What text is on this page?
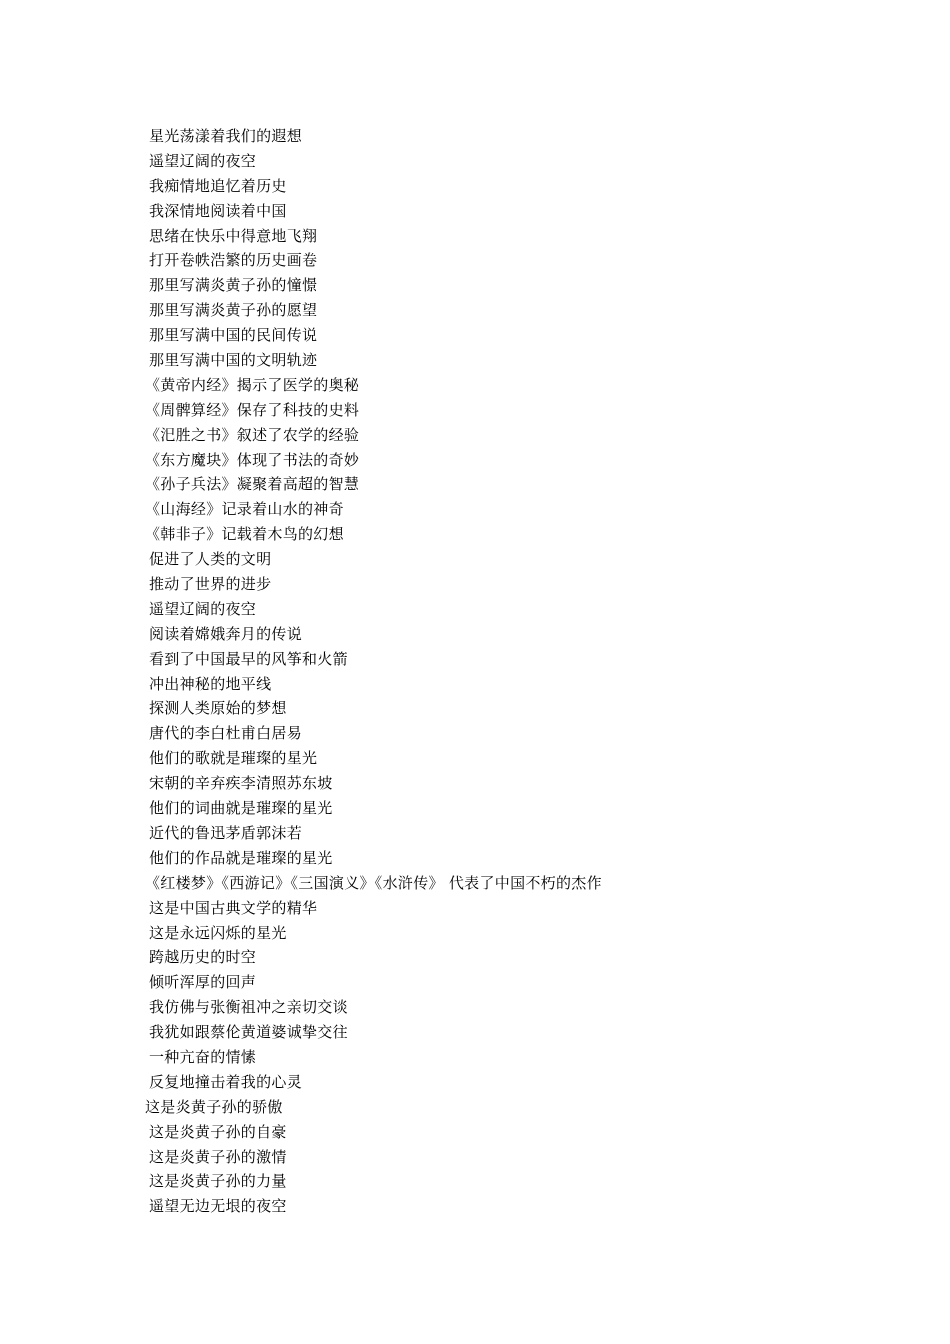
星光荡漾着我们的遐想
遥望辽阔的夜空
我痴情地追忆着历史
我深情地阅读着中国
思绪在快乐中得意地飞翔
打开卷帙浩繁的历史画卷
那里写满炎黄子孙的憧憬
那里写满炎黄子孙的愿望
那里写满中国的民间传说
那里写满中国的文明轨迹
《黄帝内经》揭示了医学的奥秘
《周髀算经》保存了科技的史料
《汜胜之书》叙述了农学的经验
《东方魔块》体现了书法的奇妙
《孙子兵法》凝聚着高超的智慧
《山海经》记录着山水的神奇
《韩非子》记载着木鸟的幻想
促进了人类的文明
推动了世界的进步
遥望辽阔的夜空
阅读着嫦娥奔月的传说
看到了中国最早的风筝和火箭
冲出神秘的地平线
探测人类原始的梦想
唐代的李白杜甫白居易
他们的歌就是璀璨的星光
宋朝的辛弃疾李清照苏东坡
他们的词曲就是璀璨的星光
近代的鲁迅茅盾郭沫若
他们的作品就是璀璨的星光
《红楼梦》《西游记》《三国演义》《水浒传》 代表了中国不朽的杰作
这是中国古典文学的精华
这是永远闪烁的星光
跨越历史的时空
倾听浑厚的回声
我仿佛与张衡祖冲之亲切交谈
我犹如跟蔡伦黄道婆诚挚交往
一种亢奋的情愫
反复地撞击着我的心灵
这是炎黄子孙的骄傲
这是炎黄子孙的自豪
这是炎黄子孙的激情
这是炎黄子孙的力量
遥望无边无垠的夜空
